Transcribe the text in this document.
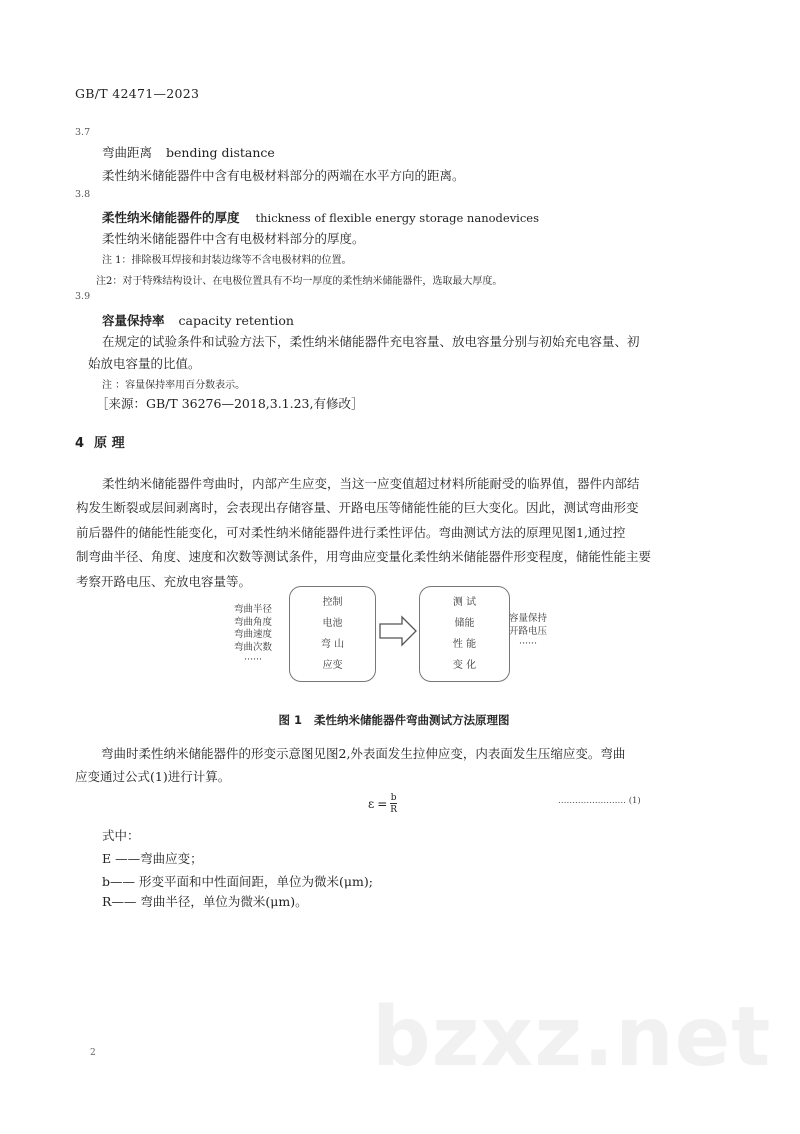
GB/T 42471—2023
3.7
弯曲距离 bending distance
柔性纳米储能器件中含有电极材料部分的两端在水平方向的距离。
3.8
柔性纳米储能器件的厚度 thickness of flexible energy storage nanodevices
柔性纳米储能器件中含有电极材料部分的厚度。
注 1：排除极耳焊接和封装边缘等不含电极材料的位置。
注2：对于特殊结构设计、在电极位置具有不均一厚度的柔性纳米储能器件，选取最大厚度。
3.9
容量保持率 capacity retention
在规定的试验条件和试验方法下，柔性纳米储能器件充电容量、放电容量分别与初始充电容量、初
始放电容量的比值。
注 ：容量保持率用百分数表示。
［来源：GB/T 36276—2018,3.1.23,有修改］
4 原 理
柔性纳米储能器件弯曲时，内部产生应变，当这一应变值超过材料所能耐受的临界值，器件内部结
构发生断裂或层间剥离时，会表现出存储容量、开路电压等储能性能的巨大变化。因此，测试弯曲形变
前后器件的储能性能变化，可对柔性纳米储能器件进行柔性评估。弯曲测试方法的原理见图1,通过控
制弯曲半径、角度、速度和次数等测试条件，用弯曲应变量化柔性纳米储能器件形变程度，储能性能主要
考察开路电压、充放电容量等。
弯曲半径
弯曲角度
弯曲速度
弯曲次数
······
控制
电池
弯 山
应变
测 试
储能
性 能
变 化
容量保持
开路电压
······
图 1 柔性纳米储能器件弯曲测试方法原理图
弯曲时柔性纳米储能器件的形变示意图见图2,外表面发生拉伸应变，内表面发生压缩应变。弯曲
应变通过公式(1)进行计算。
$\varepsilon = \frac{b}{R}$	…………………… (1)
式中：
E ——弯曲应变；
b—— 形变平面和中性面间距，单位为微米(μm);
R—— 弯曲半径，单位为微米(μm)。
bzxz.net
2
